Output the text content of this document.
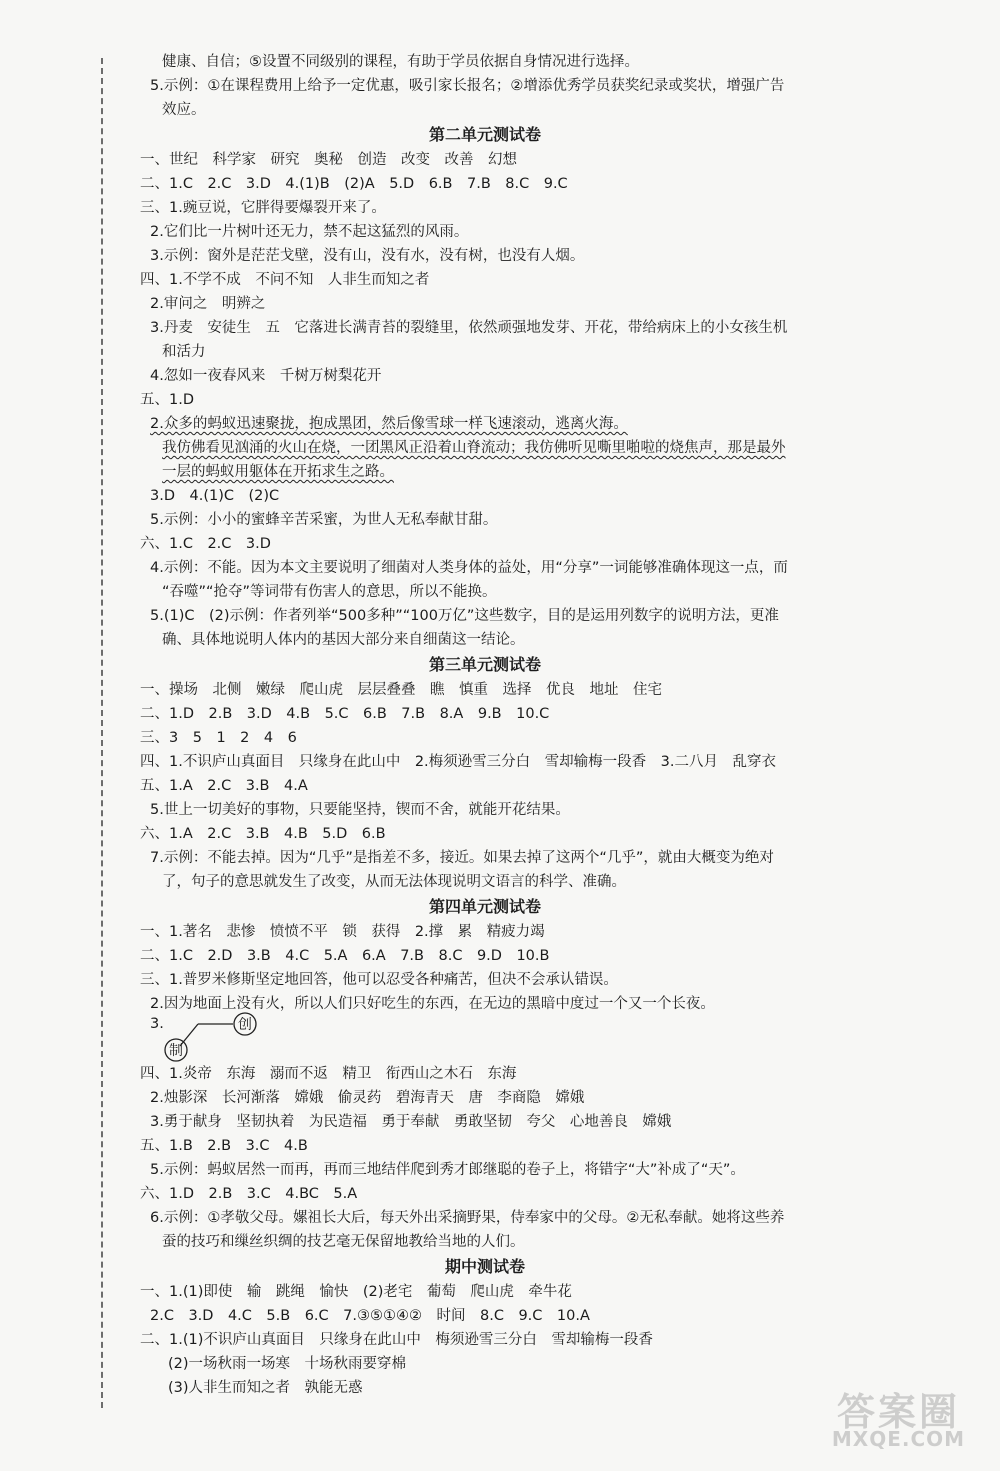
健康、自信；⑤设置不同级别的课程，有助于学员依据自身情况进行选择。
5.示例：①在课程费用上给予一定优惠，吸引家长报名；②增添优秀学员获奖纪录或奖状，增强广告
效应。
第二单元测试卷
一、世纪　科学家　研究　奥秘　创造　改变　改善　幻想
二、1.C　2.C　3.D　4.(1)B　(2)A　5.D　6.B　7.B　8.C　9.C
三、1.豌豆说，它胖得要爆裂开来了。
2.它们比一片树叶还无力，禁不起这猛烈的风雨。
3.示例：窗外是茫茫戈壁，没有山，没有水，没有树，也没有人烟。
四、1.不学不成　不问不知　人非生而知之者
2.审问之　明辨之
3.丹麦　安徒生　五　它落进长满青苔的裂缝里，依然顽强地发芽、开花，带给病床上的小女孩生机
和活力
4.忽如一夜春风来　千树万树梨花开
五、1.D
2.众多的蚂蚁迅速聚拢，抱成黑团，然后像雪球一样飞速滚动，逃离火海。
我仿佛看见汹涌的火山在烧，一团黑风正沿着山脊流动；我仿佛听见嘶里啪啦的烧焦声，那是最外
一层的蚂蚁用躯体在开拓求生之路。
3.D　4.(1)C　(2)C
5.示例：小小的蜜蜂辛苦采蜜，为世人无私奉献甘甜。
六、1.C　2.C　3.D
4.示例：不能。因为本文主要说明了细菌对人类身体的益处，用“分享”一词能够准确体现这一点，而
“吞噬”“抢夺”等词带有伤害人的意思，所以不能换。
5.(1)C　(2)示例：作者列举“500多种”“100万亿”这些数字，目的是运用列数字的说明方法，更准
确、具体地说明人体内的基因大部分来自细菌这一结论。
第三单元测试卷
一、操场　北侧　嫩绿　爬山虎　层层叠叠　瞧　慎重　选择　优良　地址　住宅
二、1.D　2.B　3.D　4.B　5.C　6.B　7.B　8.A　9.B　10.C
三、3　5　1　2　4　6
四、1.不识庐山真面目　只缘身在此山中　2.梅须逊雪三分白　雪却输梅一段香　3.二八月　乱穿衣
五、1.A　2.C　3.B　4.A
5.世上一切美好的事物，只要能坚持，锲而不舍，就能开花结果。
六、1.A　2.C　3.B　4.B　5.D　6.B
7.示例：不能去掉。因为“几乎”是指差不多，接近。如果去掉了这两个“几乎”，就由大概变为绝对
了，句子的意思就发生了改变，从而无法体现说明文语言的科学、准确。
第四单元测试卷
一、1.著名　悲惨　愤愤不平　锁　获得　2.撑　累　精疲力竭
二、1.C　2.D　3.B　4.C　5.A　6.A　7.B　8.C　9.D　10.B
三、1.普罗米修斯坚定地回答，他可以忍受各种痛苦，但决不会承认错误。
2.因为地面上没有火，所以人们只好吃生的东西，在无边的黑暗中度过一个又一个长夜。
3.	创
制
四、1.炎帝　东海　溺而不返　精卫　衔西山之木石　东海
2.烛影深　长河渐落　嫦娥　偷灵药　碧海青天　唐　李商隐　嫦娥
3.勇于献身　坚韧执着　为民造福　勇于奉献　勇敢坚韧　夸父　心地善良　嫦娥
五、1.B　2.B　3.C　4.B
5.示例：蚂蚁居然一而再，再而三地结伴爬到秀才郎继聪的卷子上，将错字“大”补成了“天”。
六、1.D　2.B　3.C　4.BC　5.A
6.示例：①孝敬父母。嫘祖长大后，每天外出采摘野果，侍奉家中的父母。②无私奉献。她将这些养
蚕的技巧和缫丝织绸的技艺毫无保留地教给当地的人们。
期中测试卷
一、1.(1)即使　输　跳绳　愉快　(2)老宅　葡萄　爬山虎　牵牛花
2.C　3.D　4.C　5.B　6.C　7.③⑤①④②　时间　8.C　9.C　10.A
二、1.(1)不识庐山真面目　只缘身在此山中　梅须逊雪三分白　雪却输梅一段香
(2)一场秋雨一场寒　十场秋雨要穿棉
(3)人非生而知之者　孰能无惑
答案圈
MXQE.COM
